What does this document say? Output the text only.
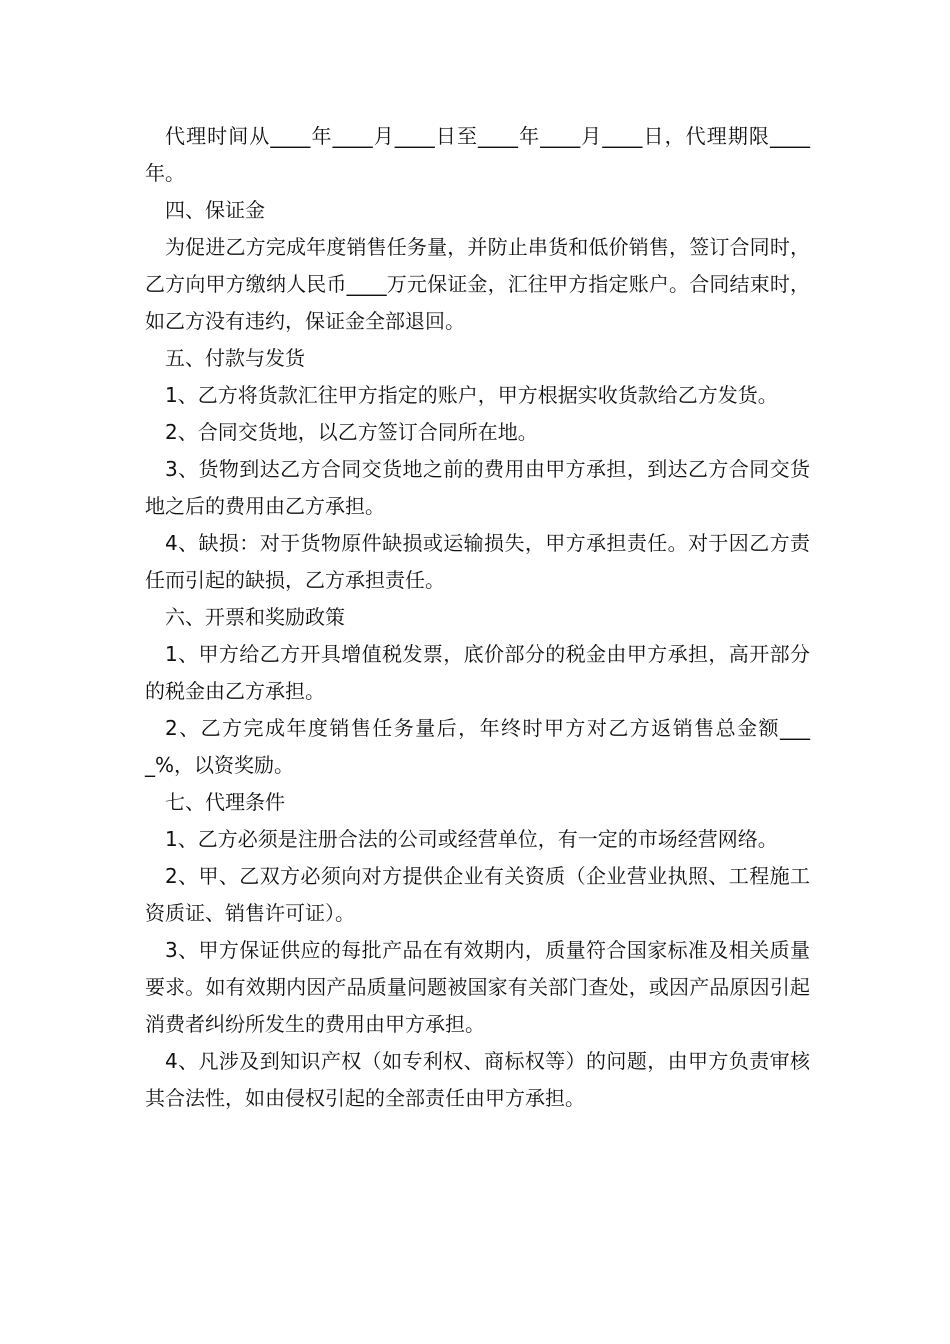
代理时间从____年____月____日至____年____月____日，代理期限____年。

四、保证金

为促进乙方完成年度销售任务量，并防止串货和低价销售，签订合同时，乙方向甲方缴纳人民币____万元保证金，汇往甲方指定账户。合同结束时，如乙方没有违约，保证金全部退回。

五、付款与发货

1、乙方将货款汇往甲方指定的账户，甲方根据实收货款给乙方发货。

2、合同交货地，以乙方签订合同所在地。

3、货物到达乙方合同交货地之前的费用由甲方承担，到达乙方合同交货地之后的费用由乙方承担。

4、缺损：对于货物原件缺损或运输损失，甲方承担责任。对于因乙方责任而引起的缺损，乙方承担责任。

六、开票和奖励政策

1、甲方给乙方开具增值税发票，底价部分的税金由甲方承担，高开部分的税金由乙方承担。

2、乙方完成年度销售任务量后，年终时甲方对乙方返销售总金额____%，以资奖励。

七、代理条件

1、乙方必须是注册合法的公司或经营单位，有一定的市场经营网络。

2、甲、乙双方必须向对方提供企业有关资质（企业营业执照、工程施工资质证、销售许可证）。

3、甲方保证供应的每批产品在有效期内，质量符合国家标准及相关质量要求。如有效期内因产品质量问题被国家有关部门查处，或因产品原因引起消费者纠纷所发生的费用由甲方承担。

4、凡涉及到知识产权（如专利权、商标权等）的问题，由甲方负责审核其合法性，如由侵权引起的全部责任由甲方承担。
